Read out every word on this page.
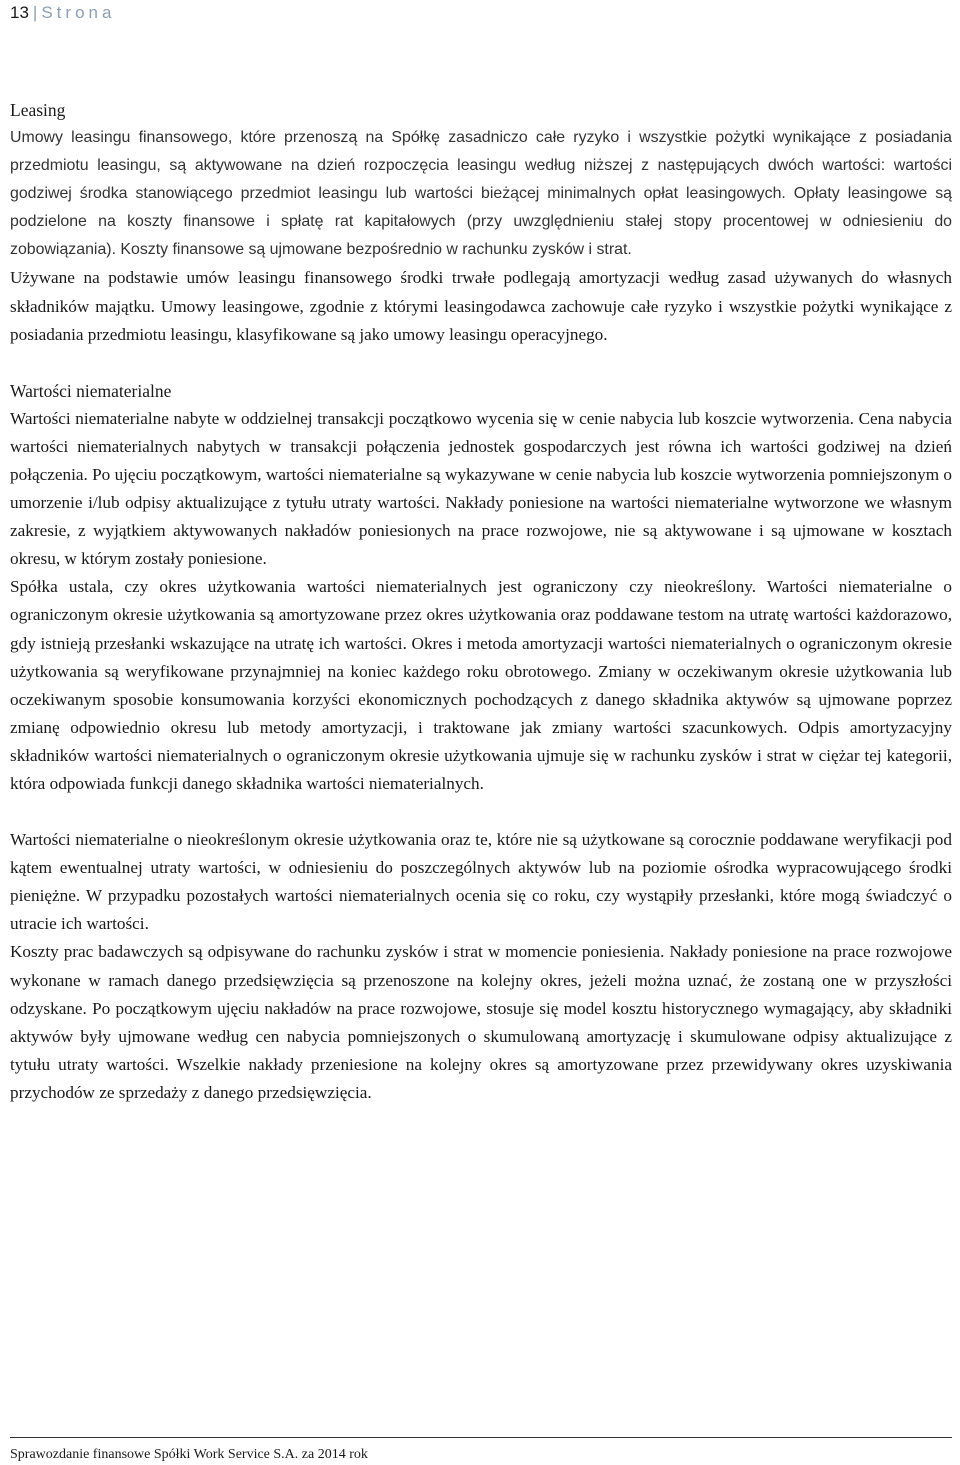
13 | Strona
Leasing

Umowy leasingu finansowego, które przenoszą na Spółkę zasadniczo całe ryzyko i wszystkie pożytki wynikające z posiadania przedmiotu leasingu, są aktywowane na dzień rozpoczęcia leasingu według niższej z następujących dwóch wartości: wartości godziwej środka stanowiącego przedmiot leasingu lub wartości bieżącej minimalnych opłat leasingowych. Opłaty leasingowe są podzielone na koszty finansowe i spłatę rat kapitałowych (przy uwzględnieniu stałej stopy procentowej w odniesieniu do zobowiązania). Koszty finansowe są ujmowane bezpośrednio w rachunku zysków i strat.

Używane na podstawie umów leasingu finansowego środki trwałe podlegają amortyzacji według zasad używanych do własnych składników majątku. Umowy leasingowe, zgodnie z którymi leasingodawca zachowuje całe ryzyko i wszystkie pożytki wynikające z posiadania przedmiotu leasingu, klasyfikowane są jako umowy leasingu operacyjnego.

Wartości niematerialne

Wartości niematerialne nabyte w oddzielnej transakcji początkowo wycenia się w cenie nabycia lub koszcie wytworzenia. Cena nabycia wartości niematerialnych nabytych w transakcji połączenia jednostek gospodarczych jest równa ich wartości godziwej na dzień połączenia. Po ujęciu początkowym, wartości niematerialne są wykazywane w cenie nabycia lub koszcie wytworzenia pomniejszonym o umorzenie i/lub odpisy aktualizujące z tytułu utraty wartości. Nakłady poniesione na wartości niematerialne wytworzone we własnym zakresie, z wyjątkiem aktywowanych nakładów poniesionych na prace rozwojowe, nie są aktywowane i są ujmowane w kosztach okresu, w którym zostały poniesione.

Spółka ustala, czy okres użytkowania wartości niematerialnych jest ograniczony czy nieokreślony. Wartości niematerialne o ograniczonym okresie użytkowania są amortyzowane przez okres użytkowania oraz poddawane testom na utratę wartości każdorazowo, gdy istnieją przesłanki wskazujące na utratę ich wartości. Okres i metoda amortyzacji wartości niematerialnych o ograniczonym okresie użytkowania są weryfikowane przynajmniej na koniec każdego roku obrotowego. Zmiany w oczekiwanym okresie użytkowania lub oczekiwanym sposobie konsumowania korzyści ekonomicznych pochodzących z danego składnika aktywów są ujmowane poprzez zmianę odpowiednio okresu lub metody amortyzacji, i traktowane jak zmiany wartości szacunkowych. Odpis amortyzacyjny składników wartości niematerialnych o ograniczonym okresie użytkowania ujmuje się w rachunku zysków i strat w ciężar tej kategorii, która odpowiada funkcji danego składnika wartości niematerialnych.

Wartości niematerialne o nieokreślonym okresie użytkowania oraz te, które nie są użytkowane są corocznie poddawane weryfikacji pod kątem ewentualnej utraty wartości, w odniesieniu do poszczególnych aktywów lub na poziomie ośrodka wypracowującego środki pieniężne. W przypadku pozostałych wartości niematerialnych ocenia się co roku, czy wystąpiły przesłanki, które mogą świadczyć o utracie ich wartości.

Koszty prac badawczych są odpisywane do rachunku zysków i strat w momencie poniesienia. Nakłady poniesione na prace rozwojowe wykonane w ramach danego przedsięwzięcia są przenoszone na kolejny okres, jeżeli można uznać, że zostaną one w przyszłości odzyskane. Po początkowym ujęciu nakładów na prace rozwojowe, stosuje się model kosztu historycznego wymagający, aby składniki aktywów były ujmowane według cen nabycia pomniejszonych o skumulowaną amortyzację i skumulowane odpisy aktualizujące z tytułu utraty wartości. Wszelkie nakłady przeniesione na kolejny okres są amortyzowane przez przewidywany okres uzyskiwania przychodów ze sprzedaży z danego przedsięwzięcia.

Sprawozdanie finansowe Spółki Work Service S.A. za 2014 rok
